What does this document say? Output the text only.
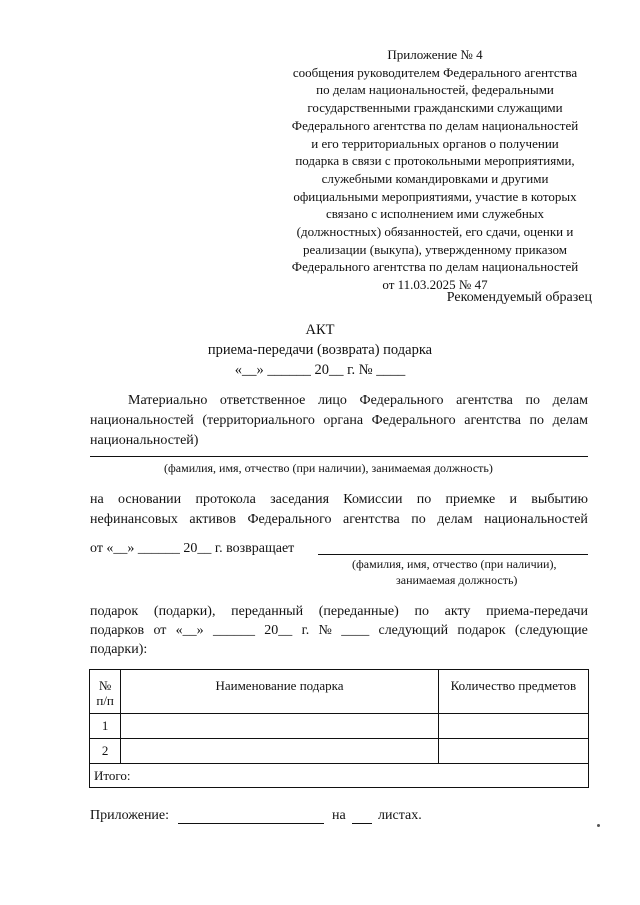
Приложение № 4
сообщения руководителем Федерального агентства
по делам национальностей, федеральными
государственными гражданскими служащими
Федерального агентства по делам национальностей
и его территориальных органов о получении
подарка в связи с протокольными мероприятиями,
служебными командировками и другими
официальными мероприятиями, участие в которых
связано с исполнением ими служебных
(должностных) обязанностей, его сдачи, оценки и
реализации (выкупа), утвержденному приказом
Федерального агентства по делам национальностей
от 11.03.2025 № 47
Рекомендуемый образец
АКТ
приема-передачи (возврата) подарка
«__» ______ 20__ г. № ____
Материально ответственное лицо Федерального агентства по делам национальностей (территориального органа Федерального агентства по делам национальностей)
(фамилия, имя, отчество (при наличии), занимаемая должность)
на основании протокола заседания Комиссии по приемке и выбытию
нефинансовых активов Федерального агентства по делам национальностей
от «__» ______ 20__ г. возвращает
(фамилия, имя, отчество (при наличии),
занимаемая должность)
подарок (подарки), переданный (переданные) по акту приема-передачи
подарков от «__» ______ 20__ г. № ____ следующий подарок (следующие
подарки):
№ п/п	Наименование подарка	Количество предметов
1		
2		
Итого:		
Приложение:	на листах.
